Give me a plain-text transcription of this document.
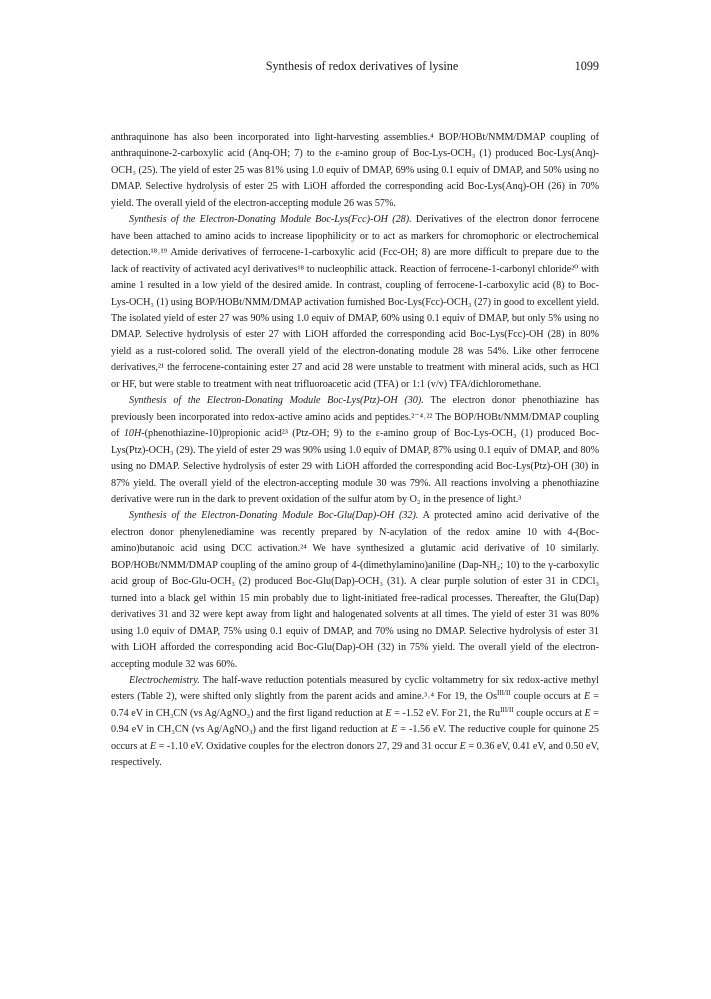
Synthesis of redox derivatives of lysine	1099

anthraquinone has also been incorporated into light-harvesting assemblies.⁴ BOP/HOBt/NMM/DMAP coupling of anthraquinone-2-carboxylic acid (Anq-OH; 7) to the ε-amino group of Boc-Lys-OCH₃ (1) produced Boc-Lys(Anq)-OCH₃ (25). The yield of ester 25 was 81% using 1.0 equiv of DMAP, 69% using 0.1 equiv of DMAP, and 50% using no DMAP. Selective hydrolysis of ester 25 with LiOH afforded the corresponding acid Boc-Lys(Anq)-OH (26) in 70% yield. The overall yield of the electron-accepting module 26 was 57%.

Synthesis of the Electron-Donating Module Boc-Lys(Fcc)-OH (28). Derivatives of the electron donor ferrocene have been attached to amino acids to increase lipophilicity or to act as markers for chromophoric or electrochemical detection.¹⁸˒¹⁹ Amide derivatives of ferrocene-1-carboxylic acid (Fcc-OH; 8) are more difficult to prepare due to the lack of reactivity of activated acyl derivatives¹⁸ to nucleophilic attack. Reaction of ferrocene-1-carbonyl chloride²⁰ with amine 1 resulted in a low yield of the desired amide. In contrast, coupling of ferrocene-1-carboxylic acid (8) to Boc-Lys-OCH₃ (1) using BOP/HOBt/NMM/DMAP activation furnished Boc-Lys(Fcc)-OCH₃ (27) in good to excellent yield. The isolated yield of ester 27 was 90% using 1.0 equiv of DMAP, 60% using 0.1 equiv of DMAP, but only 5% using no DMAP. Selective hydrolysis of ester 27 with LiOH afforded the corresponding acid Boc-Lys(Fcc)-OH (28) in 80% yield as a rust-colored solid. The overall yield of the electron-donating module 28 was 54%. Like other ferrocene derivatives,²¹ the ferrocene-containing ester 27 and acid 28 were unstable to treatment with mineral acids, such as HCl or HF, but were stable to treatment with neat trifluoroacetic acid (TFA) or 1:1 (v/v) TFA/dichloromethane.

Synthesis of the Electron-Donating Module Boc-Lys(Ptz)-OH (30). The electron donor phenothiazine has previously been incorporated into redox-active amino acids and peptides.²⁻⁴˒²² The BOP/HOBt/NMM/DMAP coupling of 10H-(phenothiazine-10)propionic acid²³ (Ptz-OH; 9) to the ε-amino group of Boc-Lys-OCH₃ (1) produced Boc-Lys(Ptz)-OCH₃ (29). The yield of ester 29 was 90% using 1.0 equiv of DMAP, 87% using 0.1 equiv of DMAP, and 80% using no DMAP. Selective hydrolysis of ester 29 with LiOH afforded the corresponding acid Boc-Lys(Ptz)-OH (30) in 87% yield. The overall yield of the electron-accepting module 30 was 79%. All reactions involving a phenothiazine derivative were run in the dark to prevent oxidation of the sulfur atom by O₂ in the presence of light.³

Synthesis of the Electron-Donating Module Boc-Glu(Dap)-OH (32). A protected amino acid derivative of the electron donor phenylenediamine was recently prepared by N-acylation of the redox amine 10 with 4-(Boc-amino)butanoic acid using DCC activation.²⁴ We have synthesized a glutamic acid derivative of 10 similarly. BOP/HOBt/NMM/DMAP coupling of the amino group of 4-(dimethylamino)aniline (Dap-NH₂; 10) to the γ-carboxylic acid group of Boc-Glu-OCH₃ (2) produced Boc-Glu(Dap)-OCH₃ (31). A clear purple solution of ester 31 in CDCl₃ turned into a black gel within 15 min probably due to light-initiated free-radical processes. Thereafter, the Glu(Dap) derivatives 31 and 32 were kept away from light and halogenated solvents at all times. The yield of ester 31 was 80% using 1.0 equiv of DMAP, 75% using 0.1 equiv of DMAP, and 70% using no DMAP. Selective hydrolysis of ester 31 with LiOH afforded the corresponding acid Boc-Glu(Dap)-OH (32) in 75% yield. The overall yield of the electron-accepting module 32 was 60%.

Electrochemistry. The half-wave reduction potentials measured by cyclic voltammetry for six redox-active methyl esters (Table 2), were shifted only slightly from the parent acids and amine.³˒⁴ For 19, the $Os^{III/II}$ couple occurs at E = 0.74 eV in CH₃CN (vs Ag/AgNO₃) and the first ligand reduction at E = -1.52 eV. For 21, the $Ru^{III/II}$ couple occurs at E = 0.94 eV in CH₃CN (vs Ag/AgNO₃) and the first ligand reduction at E = -1.56 eV. The reductive couple for quinone 25 occurs at E = -1.10 eV. Oxidative couples for the electron donors 27, 29 and 31 occur E = 0.36 eV, 0.41 eV, and 0.50 eV, respectively.
